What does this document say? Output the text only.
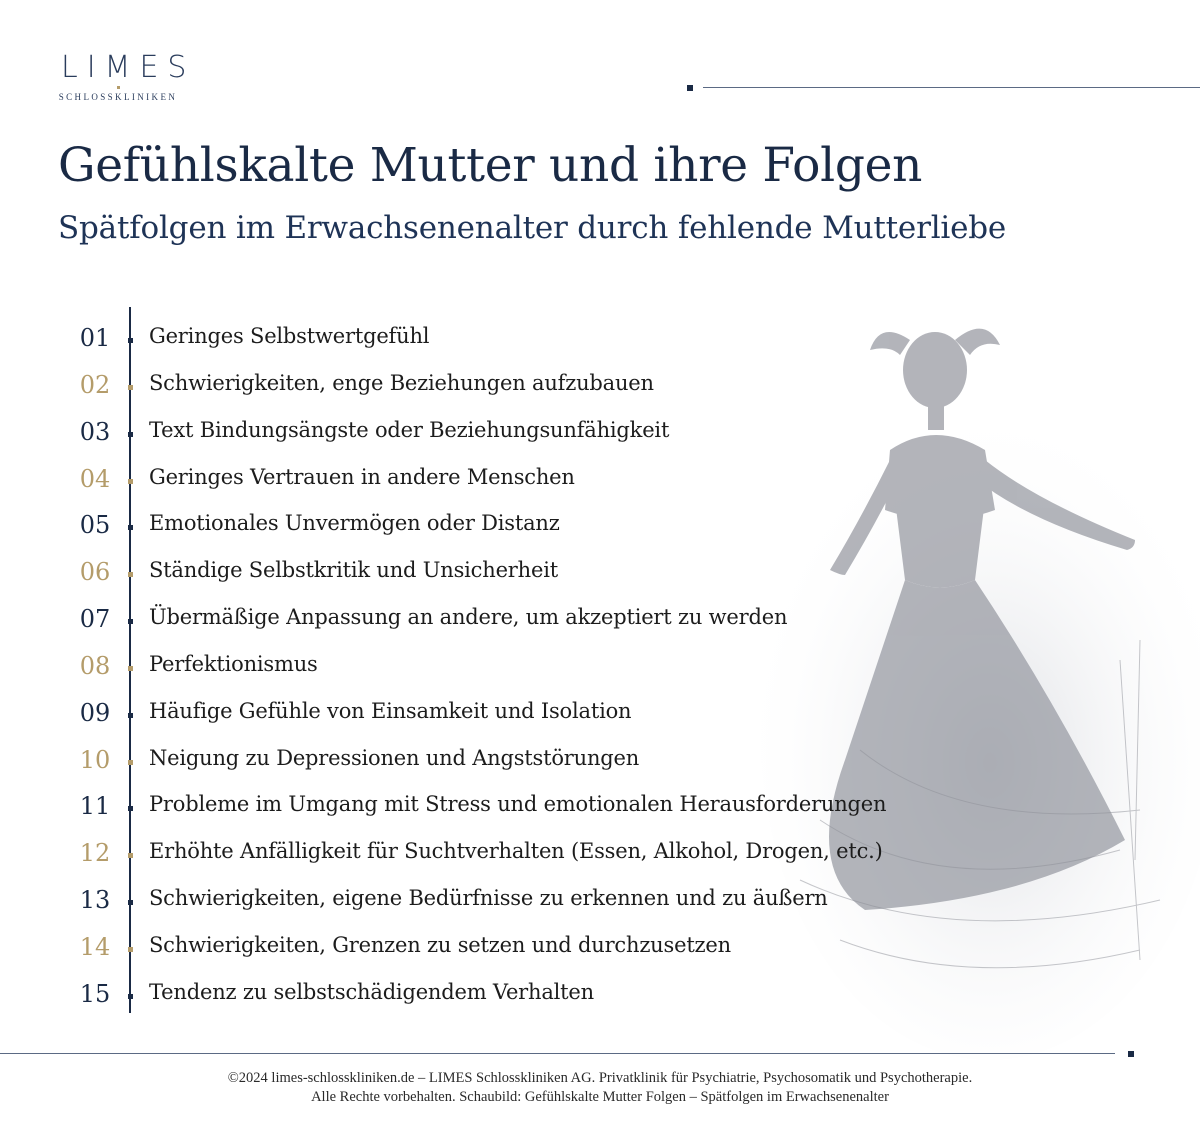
LIMES
SCHLOSSKLINIKEN
Gefühlskalte Mutter und ihre Folgen
Spätfolgen im Erwachsenenalter durch fehlende Mutterliebe
01	Geringes Selbstwertgefühl
02	Schwierigkeiten, enge Beziehungen aufzubauen
03	Text Bindungsängste oder Beziehungsunfähigkeit
04	Geringes Vertrauen in andere Menschen
05	Emotionales Unvermögen oder Distanz
06	Ständige Selbstkritik und Unsicherheit
07	Übermäßige Anpassung an andere, um akzeptiert zu werden
08	Perfektionismus
09	Häufige Gefühle von Einsamkeit und Isolation
10	Neigung zu Depressionen und Angststörungen
11	Probleme im Umgang mit Stress und emotionalen Herausforderungen
12	Erhöhte Anfälligkeit für Suchtverhalten (Essen, Alkohol, Drogen, etc.)
13	Schwierigkeiten, eigene Bedürfnisse zu erkennen und zu äußern
14	Schwierigkeiten, Grenzen zu setzen und durchzusetzen
15	Tendenz zu selbstschädigendem Verhalten
©2024 limes-schlosskliniken.de – LIMES Schlosskliniken AG. Privatklinik für Psychiatrie, Psychosomatik und Psychotherapie.
Alle Rechte vorbehalten. Schaubild: Gefühlskalte Mutter Folgen – Spätfolgen im Erwachsenenalter
